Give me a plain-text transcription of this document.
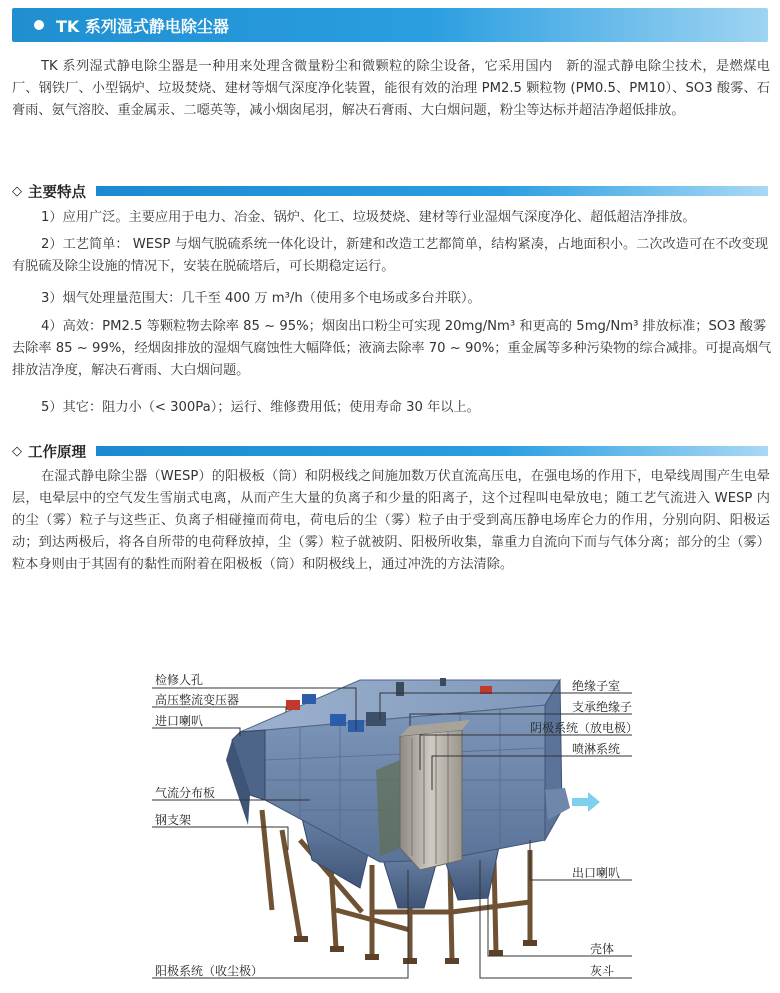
TK 系列湿式静电除尘器

TK 系列湿式静电除尘器是一种用来处理含微量粉尘和微颗粒的除尘设备，它采用国内　新的湿式静电除尘技术，是燃煤电厂、钢铁厂、小型锅炉、垃圾焚烧、建材等烟气深度净化装置，能很有效的治理 PM2.5 颗粒物 (PM0.5、PM10）、SO3 酸雾、石膏雨、氨气溶胶、重金属汞、二噁英等，减小烟囱尾羽，解决石膏雨、大白烟问题，粉尘等达标并超洁净超低排放。

◇ 主要特点

1）应用广泛。主要应用于电力、冶金、锅炉、化工、垃圾焚烧、建材等行业湿烟气深度净化、超低超洁净排放。

2）工艺简单： WESP 与烟气脱硫系统一体化设计，新建和改造工艺都简单，结构紧凑，占地面积小。二次改造可在不改变现有脱硫及除尘设施的情况下，安装在脱硫塔后，可长期稳定运行。

3）烟气处理量范围大：几千至 400 万 m³/h（使用多个电场或多台并联）。

4）高效：PM2.5 等颗粒物去除率 85 ~ 95%；烟囱出口粉尘可实现 20mg/Nm³ 和更高的 5mg/Nm³ 排放标准；SO3 酸雾去除率 85 ~ 99%，经烟囱排放的湿烟气腐蚀性大幅降低；液滴去除率 70 ~ 90%；重金属等多种污染物的综合减排。可提高烟气排放洁净度，解决石膏雨、大白烟问题。

5）其它：阻力小（< 300Pa）；运行、维修费用低；使用寿命 30 年以上。

◇ 工作原理

在湿式静电除尘器（WESP）的阳极板（筒）和阴极线之间施加数万伏直流高压电，在强电场的作用下，电晕线周围产生电晕层，电晕层中的空气发生雪崩式电离，从而产生大量的负离子和少量的阳离子，这个过程叫电晕放电；随工艺气流进入 WESP 内的尘（雾）粒子与这些正、负离子相碰撞而荷电，荷电后的尘（雾）粒子由于受到高压静电场库仑力的作用，分别向阴、阳极运动；到达两极后，将各自所带的电荷释放掉，尘（雾）粒子就被阴、阳极所收集，靠重力自流向下而与气体分离；部分的尘（雾）粒本身则由于其固有的黏性而附着在阳极板（筒）和阴极线上，通过冲洗的方法清除。

检修人孔
高压整流变压器
进口喇叭
气流分布板
钢支架
阳极系统（收尘极）
绝缘子室
支承绝缘子
阴极系统（放电极）
喷淋系统
出口喇叭
壳体
灰斗
